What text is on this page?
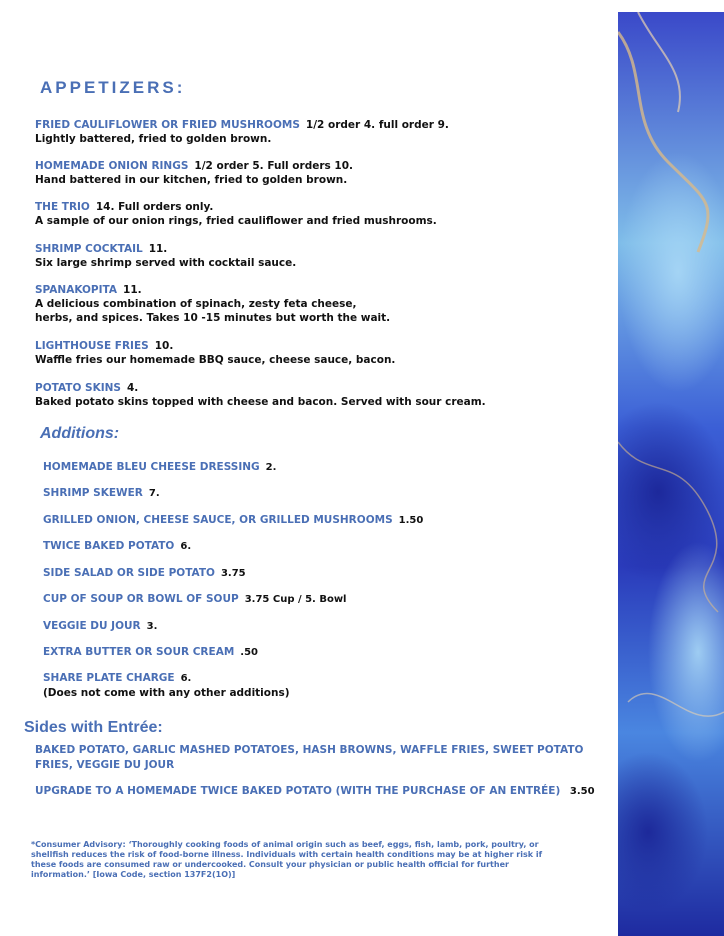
APPETIZERS:
FRIED CAULIFLOWER OR FRIED MUSHROOMS 1/2 order 4. full order 9.
Lightly battered, fried to golden brown.
HOMEMADE ONION RINGS 1/2 order 5. Full orders 10.
Hand battered in our kitchen, fried to golden brown.
THE TRIO 14. Full orders only.
A sample of our onion rings, fried cauliflower and fried mushrooms.
SHRIMP COCKTAIL 11.
Six large shrimp served with cocktail sauce.
SPANAKOPITA 11.
A delicious combination of spinach, zesty feta cheese,
herbs, and spices. Takes 10 -15 minutes but worth the wait.
LIGHTHOUSE FRIES 10.
Waffle fries our homemade BBQ sauce, cheese sauce, bacon.
POTATO SKINS 4.
Baked potato skins topped with cheese and bacon. Served with sour cream.
Additions:
HOMEMADE BLEU CHEESE DRESSING 2.
SHRIMP SKEWER 7.
GRILLED ONION, CHEESE SAUCE, OR GRILLED MUSHROOMS 1.50
TWICE BAKED POTATO 6.
SIDE SALAD OR SIDE POTATO 3.75
CUP OF SOUP OR BOWL OF SOUP 3.75 Cup / 5. Bowl
VEGGIE DU JOUR 3.
EXTRA BUTTER OR SOUR CREAM .50
SHARE PLATE CHARGE 6.
(Does not come with any other additions)
Sides with Entrée:
BAKED POTATO, GARLIC MASHED POTATOES, HASH BROWNS, WAFFLE FRIES, SWEET POTATO FRIES, VEGGIE DU JOUR
UPGRADE TO A HOMEMADE TWICE BAKED POTATO (WITH THE PURCHASE OF AN ENTRÉE) 3.50
*Consumer Advisory: ‘Thoroughly cooking foods of animal origin such as beef, eggs, fish, lamb, pork, poultry, or shellfish reduces the risk of food-borne illness. Individuals with certain health conditions may be at higher risk if these foods are consumed raw or undercooked. Consult your physician or public health official for further information.’ [Iowa Code, section 137F2(1O)]
